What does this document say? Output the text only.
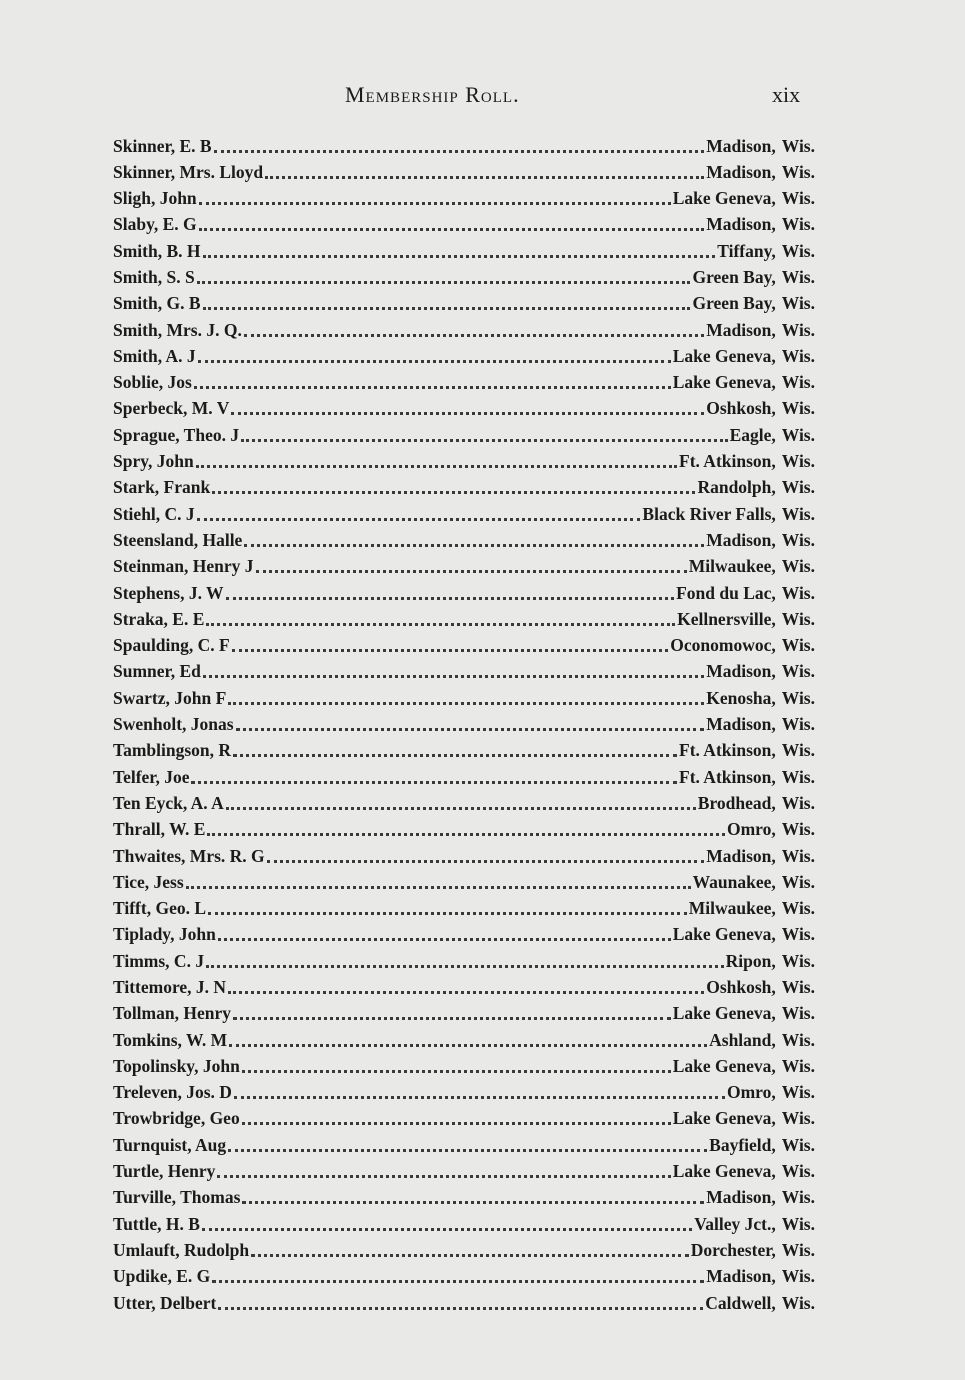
Membership Roll.	xix
Skinner, E. B	Madison, Wis.
Skinner, Mrs. Lloyd	Madison, Wis.
Sligh, John	Lake Geneva, Wis.
Slaby, E. G	Madison, Wis.
Smith, B. H	Tiffany, Wis.
Smith, S. S	Green Bay, Wis.
Smith, G. B	Green Bay, Wis.
Smith, Mrs. J. Q.	Madison, Wis.
Smith, A. J	Lake Geneva, Wis.
Soblie, Jos	Lake Geneva, Wis.
Sperbeck, M. V	Oshkosh, Wis.
Sprague, Theo. J	Eagle, Wis.
Spry, John	Ft. Atkinson, Wis.
Stark, Frank	Randolph, Wis.
Stiehl, C. J	Black River Falls, Wis.
Steensland, Halle	Madison, Wis.
Steinman, Henry J	Milwaukee, Wis.
Stephens, J. W	Fond du Lac, Wis.
Straka, E. E	Kellnersville, Wis.
Spaulding, C. F	Oconomowoc, Wis.
Sumner, Ed	Madison, Wis.
Swartz, John F	Kenosha, Wis.
Swenholt, Jonas	Madison, Wis.
Tamblingson, R	Ft. Atkinson, Wis.
Telfer, Joe	Ft. Atkinson, Wis.
Ten Eyck, A. A	Brodhead, Wis.
Thrall, W. E	Omro, Wis.
Thwaites, Mrs. R. G	Madison, Wis.
Tice, Jess	Waunakee, Wis.
Tifft, Geo. L	Milwaukee, Wis.
Tiplady, John	Lake Geneva, Wis.
Timms, C. J	Ripon, Wis.
Tittemore, J. N	Oshkosh, Wis.
Tollman, Henry	Lake Geneva, Wis.
Tomkins, W. M	Ashland, Wis.
Topolinsky, John	Lake Geneva, Wis.
Treleven, Jos. D	Omro, Wis.
Trowbridge, Geo	Lake Geneva, Wis.
Turnquist, Aug	Bayfield, Wis.
Turtle, Henry	Lake Geneva, Wis.
Turville, Thomas	Madison, Wis.
Tuttle, H. B	Valley Jct., Wis.
Umlauft, Rudolph	Dorchester, Wis.
Updike, E. G	Madison, Wis.
Utter, Delbert	Caldwell, Wis.
